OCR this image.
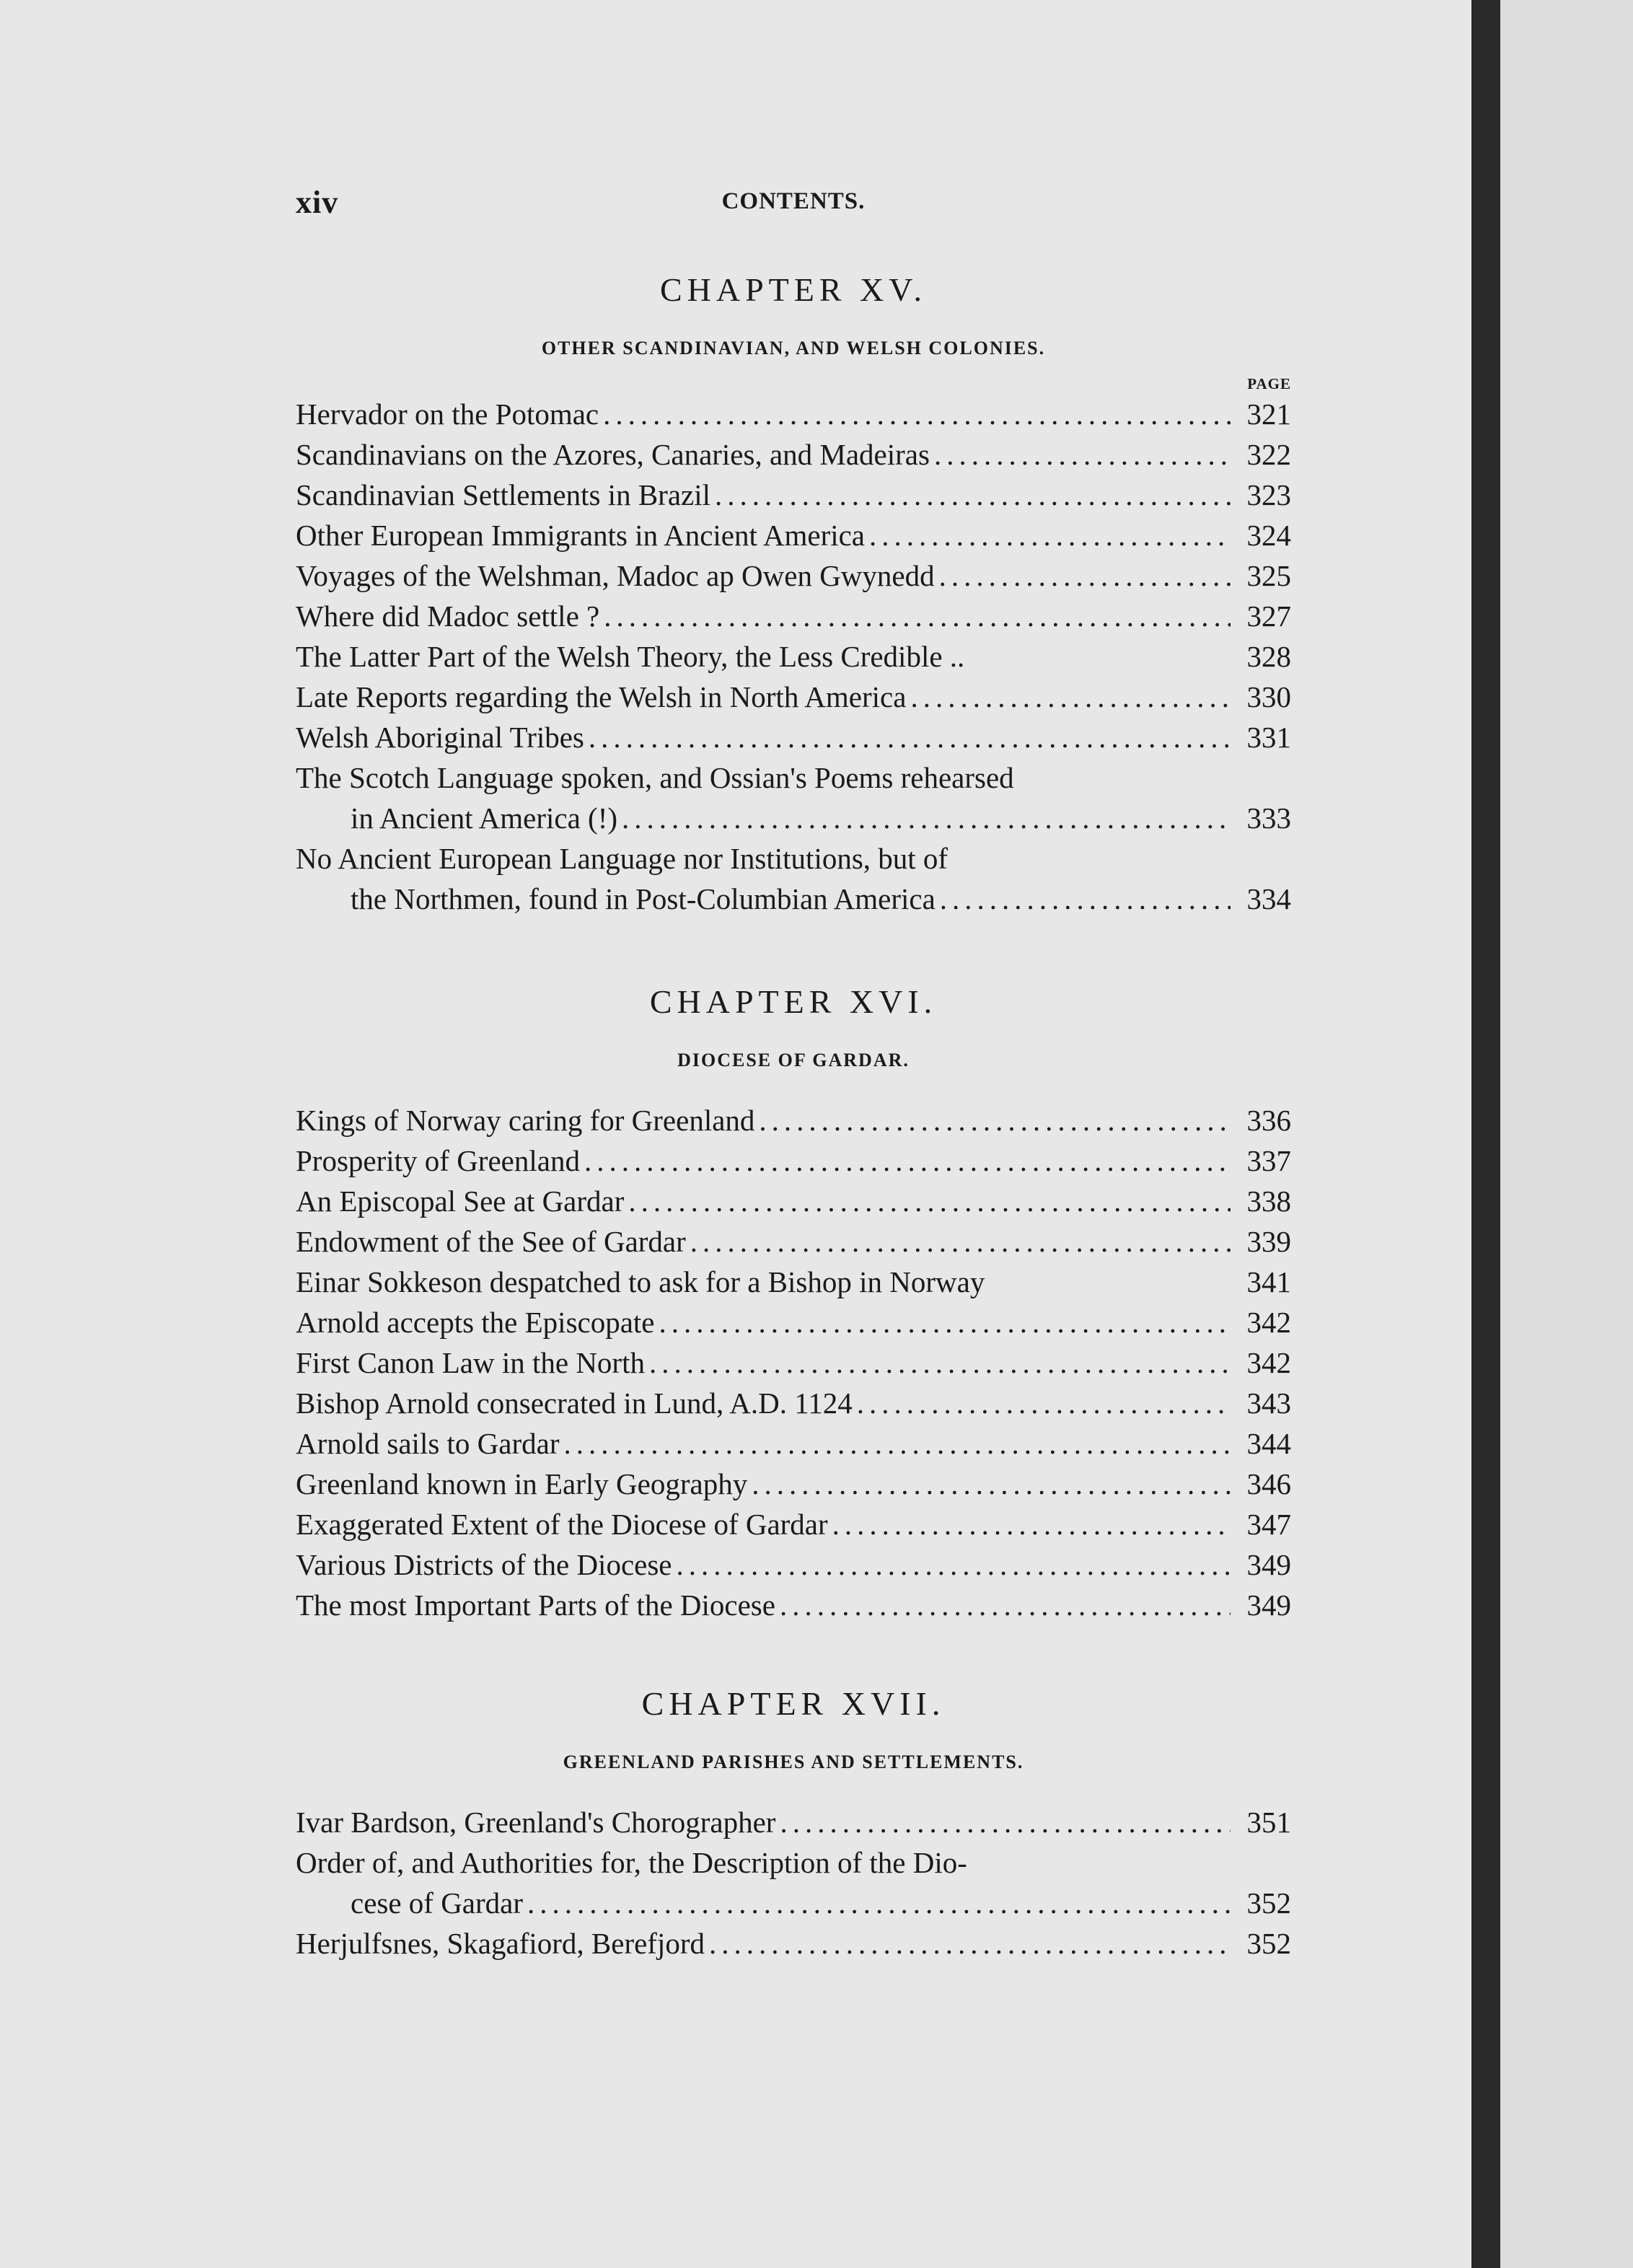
xiv	CONTENTS.
CHAPTER XV.
OTHER SCANDINAVIAN, AND WELSH COLONIES.
PAGE
Hervador on the Potomac .....	321
Scandinavians on the Azores, Canaries, and Madeiras .....	322
Scandinavian Settlements in Brazil .....	323
Other European Immigrants in Ancient America .....	324
Voyages of the Welshman, Madoc ap Owen Gwynedd .....	325
Where did Madoc settle ? .....	327
The Latter Part of the Welsh Theory, the Less Credible ..	328
Late Reports regarding the Welsh in North America .....	330
Welsh Aboriginal Tribes .....	331
The Scotch Language spoken, and Ossian's Poems rehearsed
in Ancient America (!) .....	333
No Ancient European Language nor Institutions, but of
the Northmen, found in Post-Columbian America .....	334
CHAPTER XVI.
DIOCESE OF GARDAR.
Kings of Norway caring for Greenland .....	336
Prosperity of Greenland .....	337
An Episcopal See at Gardar .....	338
Endowment of the See of Gardar .....	339
Einar Sokkeson despatched to ask for a Bishop in Norway	341
Arnold accepts the Episcopate .....	342
First Canon Law in the North .....	342
Bishop Arnold consecrated in Lund, A.D. 1124 .....	343
Arnold sails to Gardar .....	344
Greenland known in Early Geography .....	346
Exaggerated Extent of the Diocese of Gardar .....	347
Various Districts of the Diocese .....	349
The most Important Parts of the Diocese .....	349
CHAPTER XVII.
GREENLAND PARISHES AND SETTLEMENTS.
Ivar Bardson, Greenland's Chorographer .....	351
Order of, and Authorities for, the Description of the Dio-
cese of Gardar .....	352
Herjulfsnes, Skagafiord, Berefjord .....	352
